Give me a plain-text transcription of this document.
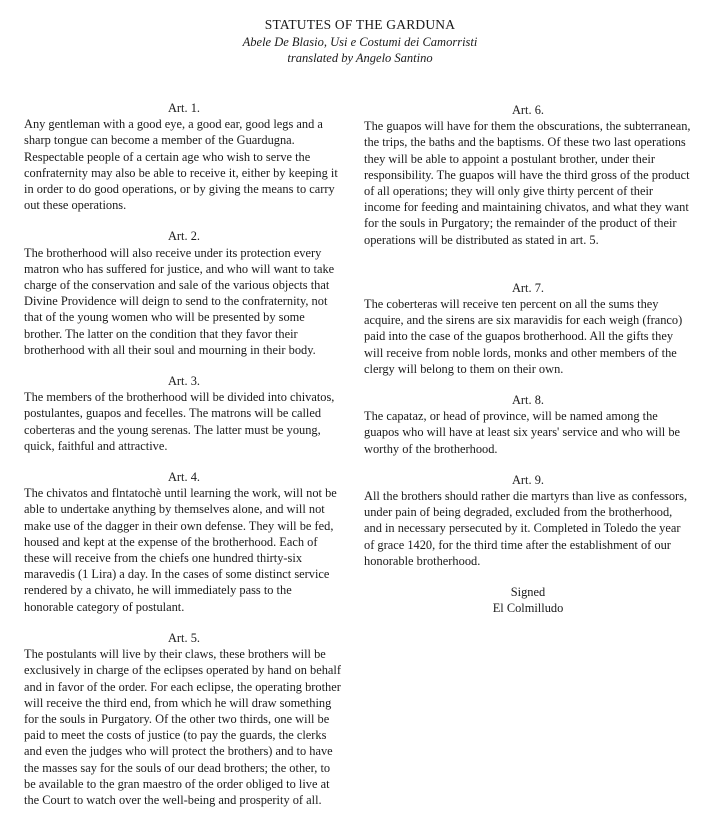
STATUTES OF THE GARDUNA
Abele De Blasio, Usi e Costumi dei Camorristi
translated by Angelo Santino
Art. 1.
Any gentleman with a good eye, a good ear, good legs and a sharp tongue can become a member of the Guardugna. Respectable people of a certain age who wish to serve the confraternity may also be able to receive it, either by keeping it in order to do good operations, or by giving the means to carry out these operations.
Art. 2.
The brotherhood will also receive under its protection every matron who has suffered for justice, and who will want to take charge of the conservation and sale of the various objects that Divine Providence will deign to send to the confraternity, not that of the young women who will be presented by some brother. The latter on the condition that they favor their brotherhood with all their soul and mourning in their body.
Art. 3.
The members of the brotherhood will be divided into chivatos, postulantes, guapos and fecelles. The matrons will be called coberteras and the young serenas. The latter must be young, quick, faithful and attractive.
Art. 4.
The chivatos and flntatochè until learning the work, will not be able to undertake anything by themselves alone, and will not make use of the dagger in their own defense. They will be fed, housed and kept at the expense of the brotherhood. Each of these will receive from the chiefs one hundred thirty-six maravedis (1 Lira) a day. In the cases of some distinct service rendered by a chivato, he will immediately pass to the honorable category of postulant.
Art. 5.
The postulants will live by their claws, these brothers will be exclusively in charge of the eclipses operated by hand on behalf and in favor of the order. For each eclipse, the operating brother will receive the third end, from which he will draw something for the souls in Purgatory. Of the other two thirds, one will be paid to meet the costs of justice (to pay the guards, the clerks and even the judges who will protect the brothers) and to have the masses say for the souls of our dead brothers; the other, to be available to the gran maestro of the order obliged to live at the Court to watch over the well-being and prosperity of all.
Art. 6.
The guapos will have for them the obscurations, the subterranean, the trips, the baths and the baptisms. Of these two last operations they will be able to appoint a postulant brother, under their responsibility. The guapos will have the third gross of the product of all operations; they will only give thirty percent of their income for feeding and maintaining chivatos, and what they want for the souls in Purgatory; the remainder of the product of their operations will be distributed as stated in art. 5.
Art. 7.
The coberteras will receive ten percent on all the sums they acquire, and the sirens are six maravidis for each weigh (franco) paid into the case of the guapos brotherhood. All the gifts they will receive from noble lords, monks and other members of the clergy will belong to them on their own.
Art. 8.
The capataz, or head of province, will be named among the guapos who will have at least six years' service and who will be worthy of the brotherhood.
Art. 9.
All the brothers should rather die martyrs than live as confessors, under pain of being degraded, excluded from the brotherhood, and in necessary persecuted by it. Completed in Toledo the year of grace 1420, for the third time after the establishment of our honorable brotherhood.
Signed
El Colmilludo
